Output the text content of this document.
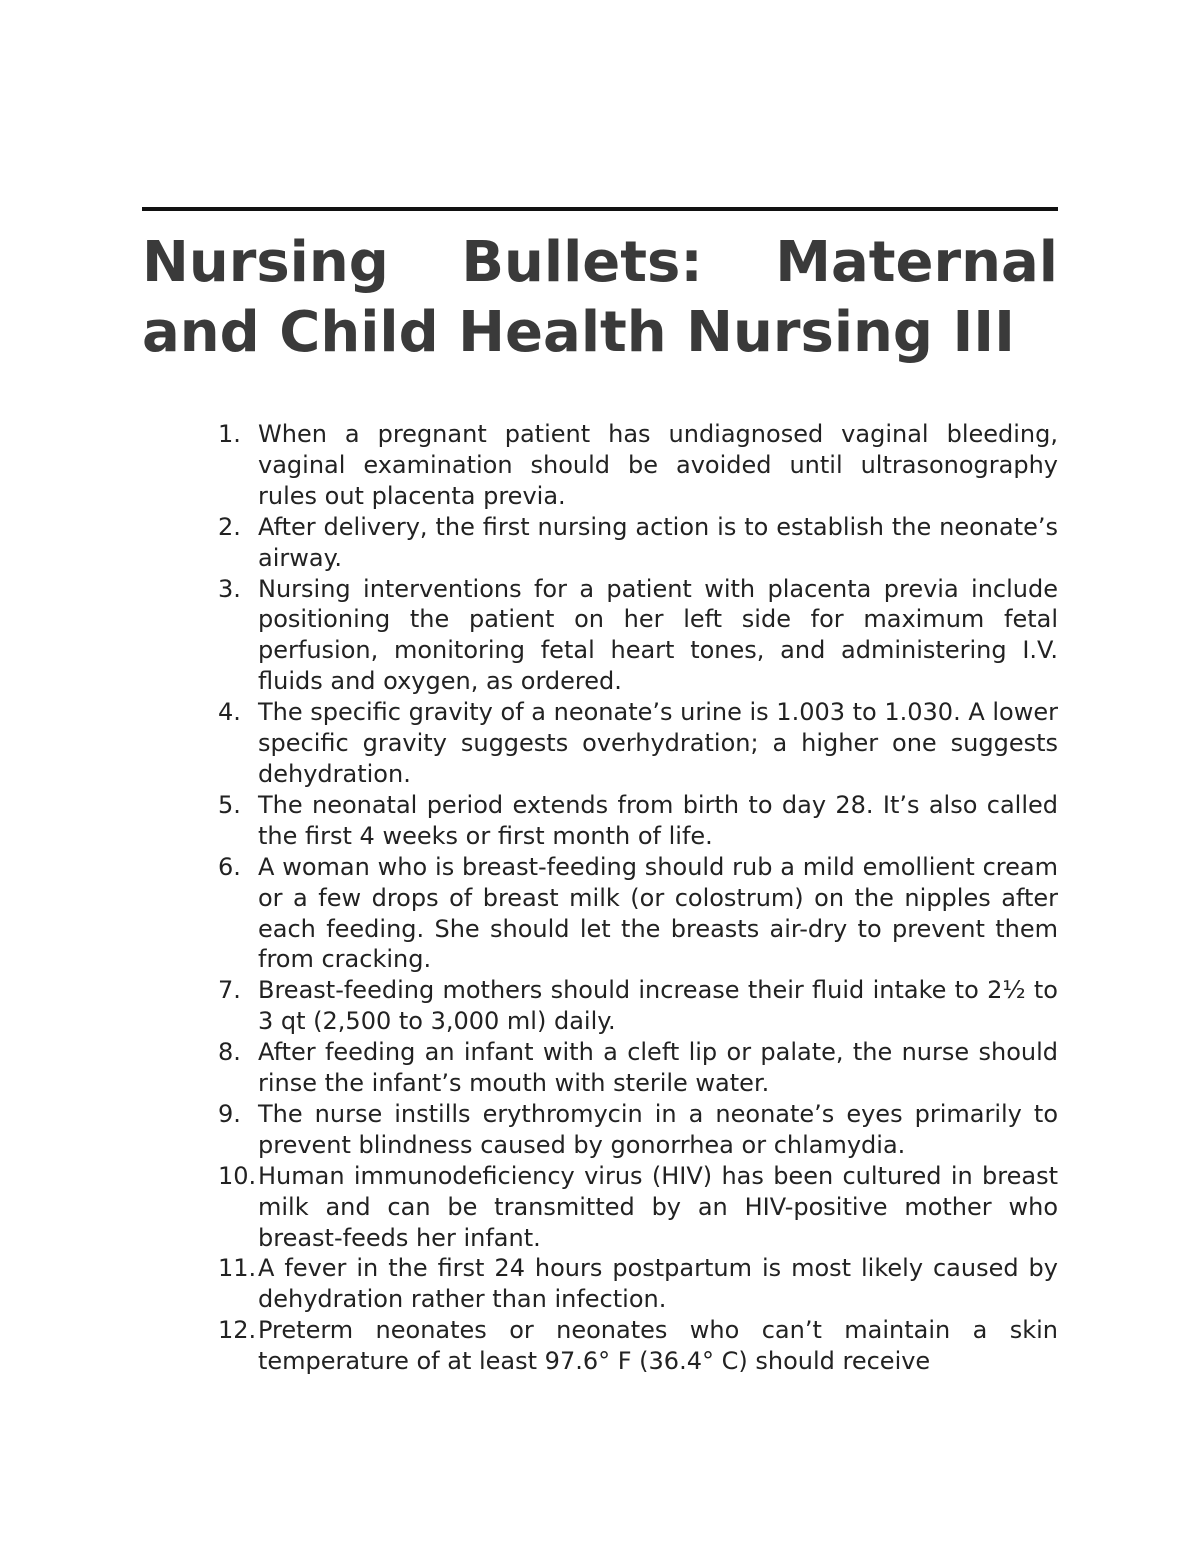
Nursing Bullets: Maternal and Child Health Nursing III
1. When a pregnant patient has undiagnosed vaginal bleeding, vaginal examination should be avoided until ultrasonography rules out placenta previa.
2. After delivery, the first nursing action is to establish the neonate’s airway.
3. Nursing interventions for a patient with placenta previa include positioning the patient on her left side for maximum fetal perfusion, monitoring fetal heart tones, and administering I.V. fluids and oxygen, as ordered.
4. The specific gravity of a neonate’s urine is 1.003 to 1.030. A lower specific gravity suggests overhydration; a higher one suggests dehydration.
5. The neonatal period extends from birth to day 28. It’s also called the first 4 weeks or first month of life.
6. A woman who is breast-feeding should rub a mild emollient cream or a few drops of breast milk (or colostrum) on the nipples after each feeding. She should let the breasts air-dry to prevent them from cracking.
7. Breast-feeding mothers should increase their fluid intake to 2½ to 3 qt (2,500 to 3,000 ml) daily.
8. After feeding an infant with a cleft lip or palate, the nurse should rinse the infant’s mouth with sterile water.
9. The nurse instills erythromycin in a neonate’s eyes primarily to prevent blindness caused by gonorrhea or chlamydia.
10. Human immunodeficiency virus (HIV) has been cultured in breast milk and can be transmitted by an HIV-positive mother who breast-feeds her infant.
11. A fever in the first 24 hours postpartum is most likely caused by dehydration rather than infection.
12. Preterm neonates or neonates who can’t maintain a skin temperature of at least 97.6° F (36.4° C) should receive
